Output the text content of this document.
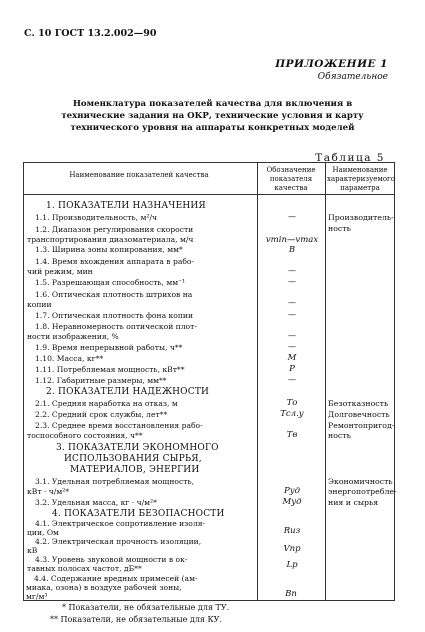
С. 10 ГОСТ 13.2.002—90
ПРИЛОЖЕНИЕ 1
Обязательное
Номенклатура показателей качества для включения в технические задания на ОКР, технические условия и карту технического уровня на аппараты конкретных моделей
Таблица 5
Наименование показателей качества
Обозначение показателя качества
Наименование характеризуемого параметра
1. ПОКАЗАТЕЛИ НАЗНАЧЕНИЯ
1.1. Производительность, м²/ч
1.2. Диапазон регулирования скорости
транспортирования диазоматериала, м/ч
1.3. Ширина зоны копирования, мм*
1.4. Время вхождения аппарата в рабо-
чий режим, мин
1.5. Разрешающая способность, мм⁻¹
1.6. Оптическая плотность штрихов на
копии
1.7. Оптическая плотность фона копии
1.8. Неравномерность оптической плот-
ности изображения, %
1.9. Время непрерывной работы, ч**
1.10. Масса, кг**
1.11. Потребляемая мощность, кВт**
1.12. Габаритные размеры, мм**
2. ПОКАЗАТЕЛИ НАДЕЖНОСТИ
2.1. Средняя наработка на отказ, м
2.2. Средний срок службы, лет**
2.3. Среднее время восстановления рабо-
тоспособного состояния, ч**
3. ПОКАЗАТЕЛИ ЭКОНОМНОГО
ИСПОЛЬЗОВАНИЯ СЫРЬЯ,
МАТЕРИАЛОВ, ЭНЕРГИИ
3.1. Удельная потребляемая мощность,
кВт · ч/м²*
3.2. Удельная масса, кг · ч/м²*
4. ПОКАЗАТЕЛИ БЕЗОПАСНОСТИ
4.1. Электрическое сопротивление изоля-
ции, Ом
4.2. Электрическая прочность изоляции,
кВ
—
vmin—vmax
B
—
—
—
—
—
—
M
P
—
Tо
Tсл.у
Tв
Pуд
Mуд
Rиз
Производитель-
ность
Безотказность
Долговечность
Ремонтопригод-
ность
Экономичность
энергопотребле-
ния и сырья
Vпр
4.3. Уровень звуковой мощности в ок-
тавных полосах частот, дБ**	Lр
* Показатели, не обязательные для ТУ.
** Показатели, не обязательные для КУ.
4.4. Содержание вредных примесей (ам-
миака, озона) в воздухе рабочей зоны,
мг/м³	Bп
